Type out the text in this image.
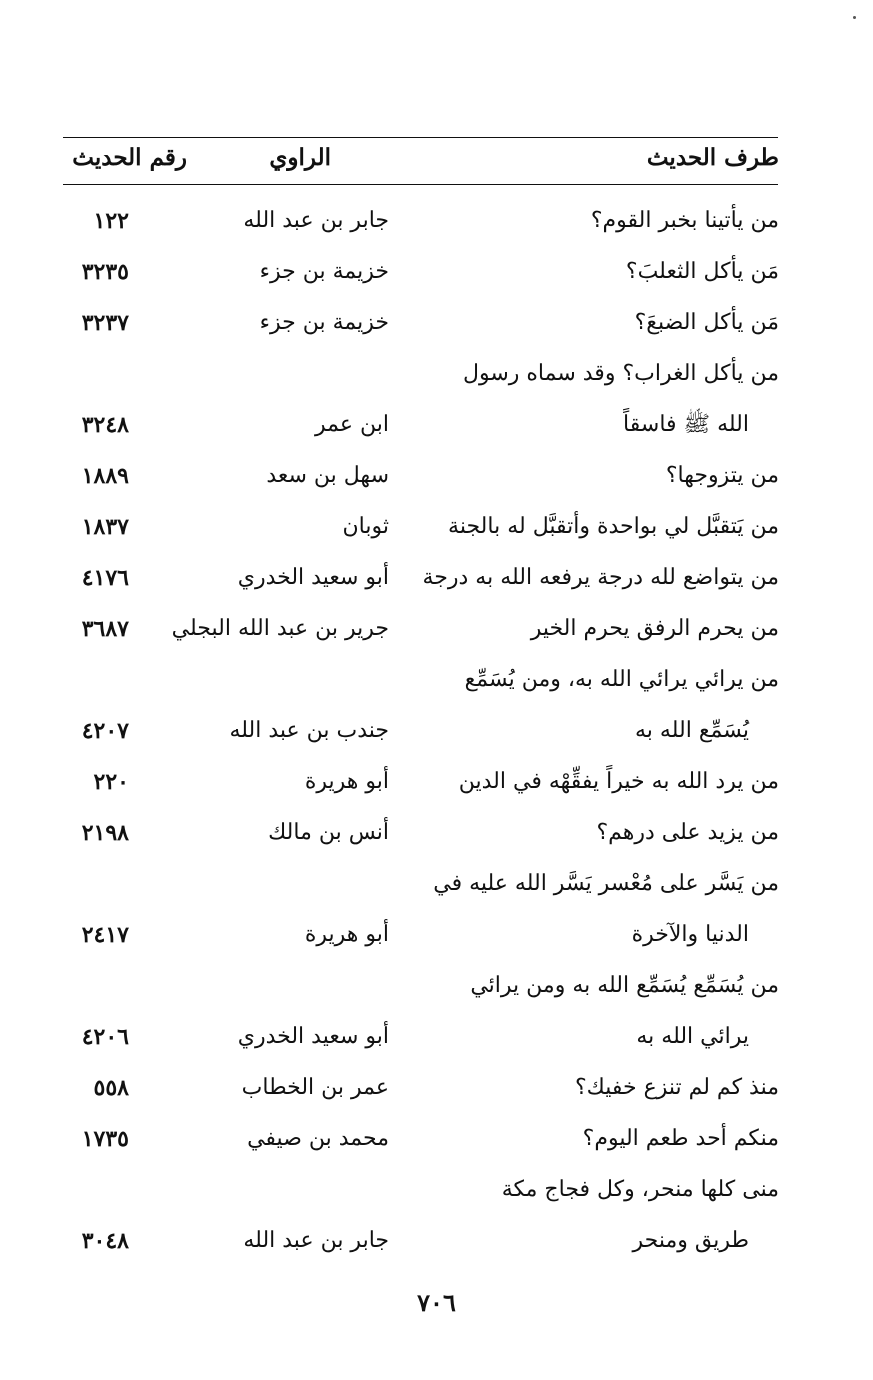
طرف الحديث
الراوي
رقم الحديث
من يأتينا بخبر القوم؟
جابر بن عبد الله
١٢٢
مَن يأكل الثعلبَ؟
خزيمة بن جزء
٣٢٣٥
مَن يأكل الضبعَ؟
خزيمة بن جزء
٣٢٣٧
من يأكل الغراب؟ وقد سماه رسول
الله ﷺ فاسقاً
ابن عمر
٣٢٤٨
من يتزوجها؟
سهل بن سعد
١٨٨٩
من يَتقبَّل لي بواحدة وأتقبَّل له بالجنة
ثوبان
١٨٣٧
من يتواضع لله درجة يرفعه الله به درجة
أبو سعيد الخدري
٤١٧٦
من يحرم الرفق يحرم الخير
جرير بن عبد الله البجلي
٣٦٨٧
من يرائي يرائي الله به، ومن يُسَمِّع
يُسَمِّع الله به
جندب بن عبد الله
٤٢٠٧
من يرد الله به خيراً يفقِّهْه في الدين
أبو هريرة
٢٢٠
من يزيد على درهم؟
أنس بن مالك
٢١٩٨
من يَسَّر على مُعْسر يَسَّر الله عليه في
الدنيا والآخرة
أبو هريرة
٢٤١٧
من يُسَمِّع يُسَمِّع الله به ومن يرائي
يرائي الله به
أبو سعيد الخدري
٤٢٠٦
منذ كم لم تنزع خفيك؟
عمر بن الخطاب
٥٥٨
منكم أحد طعم اليوم؟
محمد بن صيفي
١٧٣٥
منى كلها منحر، وكل فجاج مكة
طريق ومنحر
جابر بن عبد الله
٣٠٤٨
٧٠٦
